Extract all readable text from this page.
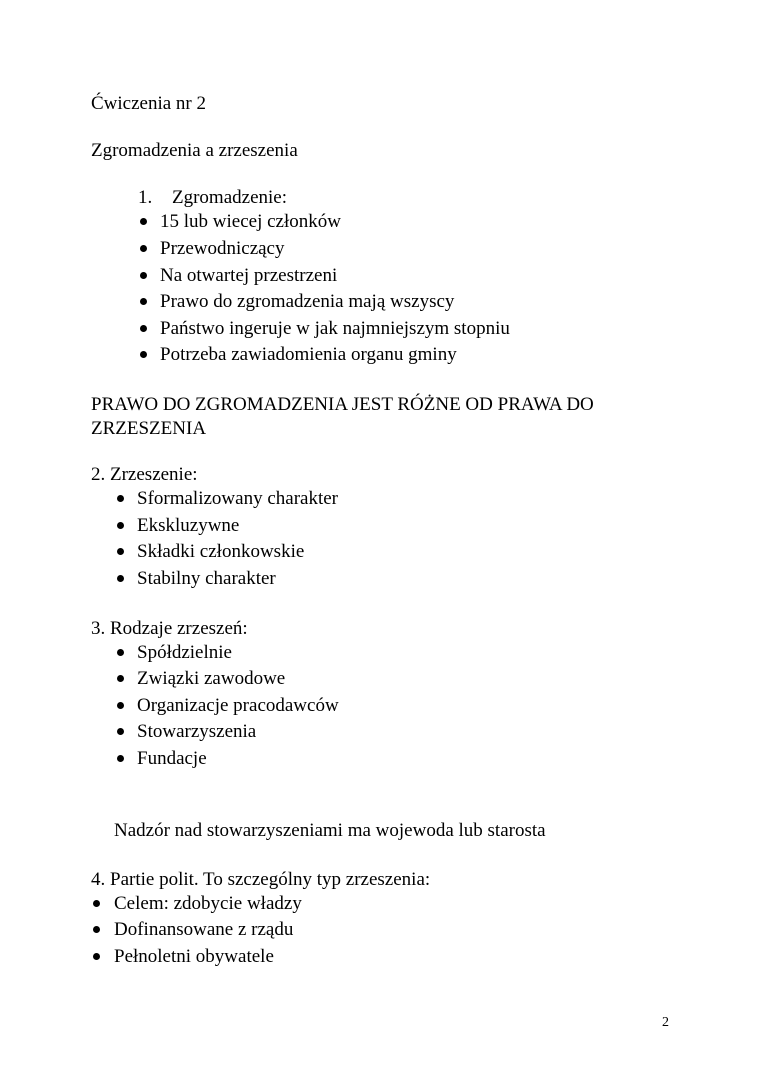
Ćwiczenia nr 2
Zgromadzenia a zrzeszenia
1. Zgromadzenie:
15 lub wiecej członków
Przewodniczący
Na otwartej przestrzeni
Prawo do zgromadzenia mają wszyscy
Państwo ingeruje w jak najmniejszym stopniu
Potrzeba zawiadomienia organu gminy
PRAWO DO ZGROMADZENIA JEST RÓŻNE OD PRAWA DO
ZRZESZENIA
2. Zrzeszenie:
Sformalizowany charakter
Ekskluzywne
Składki członkowskie
Stabilny charakter
3. Rodzaje zrzeszeń:
Spółdzielnie
Związki zawodowe
Organizacje pracodawców
Stowarzyszenia
Fundacje
Nadzór nad stowarzyszeniami ma wojewoda lub starosta
4. Partie polit. To szczególny typ zrzeszenia:
Celem: zdobycie władzy
Dofinansowane z rządu
Pełnoletni obywatele
2
